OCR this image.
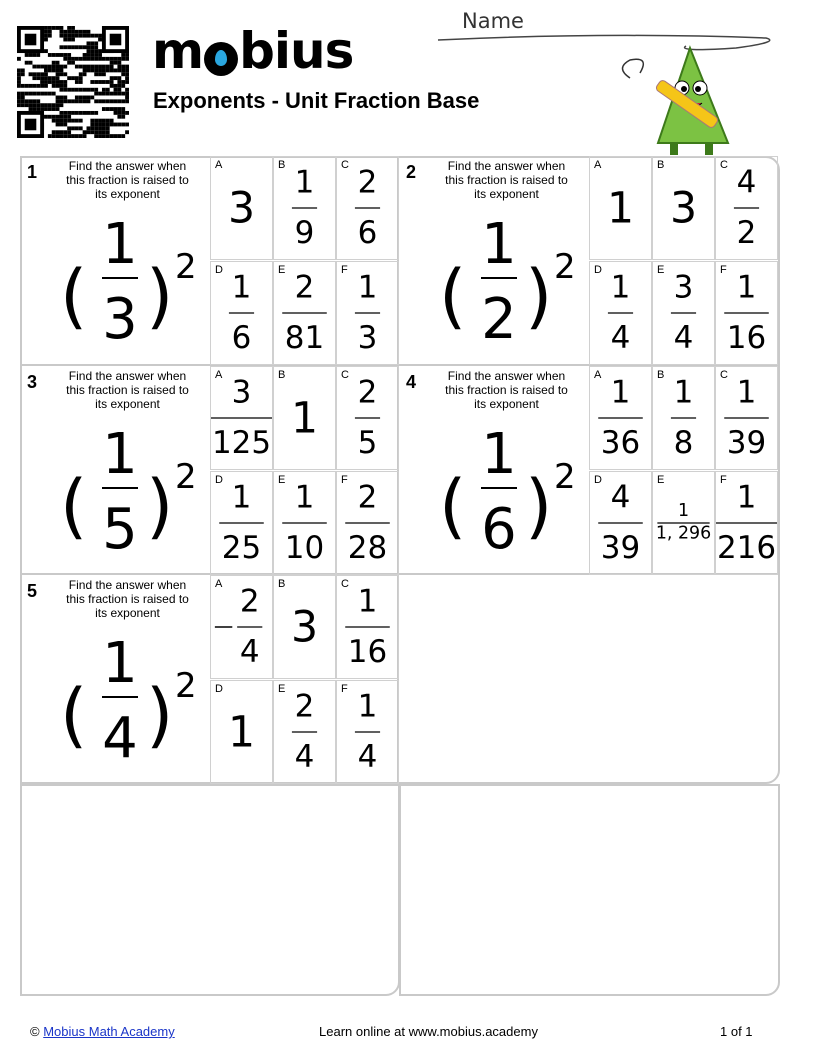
m bius
Exponents - Unit Fraction Base
Name
1	Find the answer when this fraction is raised to its exponent
(
1
3 ) 2
A
3
B 1
9
C 2
6
D 1
6
E 2
81
F 1
3
2	Find the answer when this fraction is raised to its exponent
(
1
2 ) 2
A
1
B
3
C 4
2
D 1
4
E 3
4
F 1
16
3	Find the answer when this fraction is raised to its exponent
(
1
5 ) 2
A 3
125
B
1
C 2
5
D 1
25
E 1
10
F 2
28
4	Find the answer when this fraction is raised to its exponent
(
1
6 ) 2
A 1
36
B 1
8
C 1
39
D 4
39
E
1
1, 296
F 1
216
5	Find the answer when this fraction is raised to its exponent
(
1
4 ) 2
A 2
4
B
3
C 1
16
D
1
E 2
4
F 1
4
© Mobius Math Academy	Learn online at www.mobius.academy	1 of 1
